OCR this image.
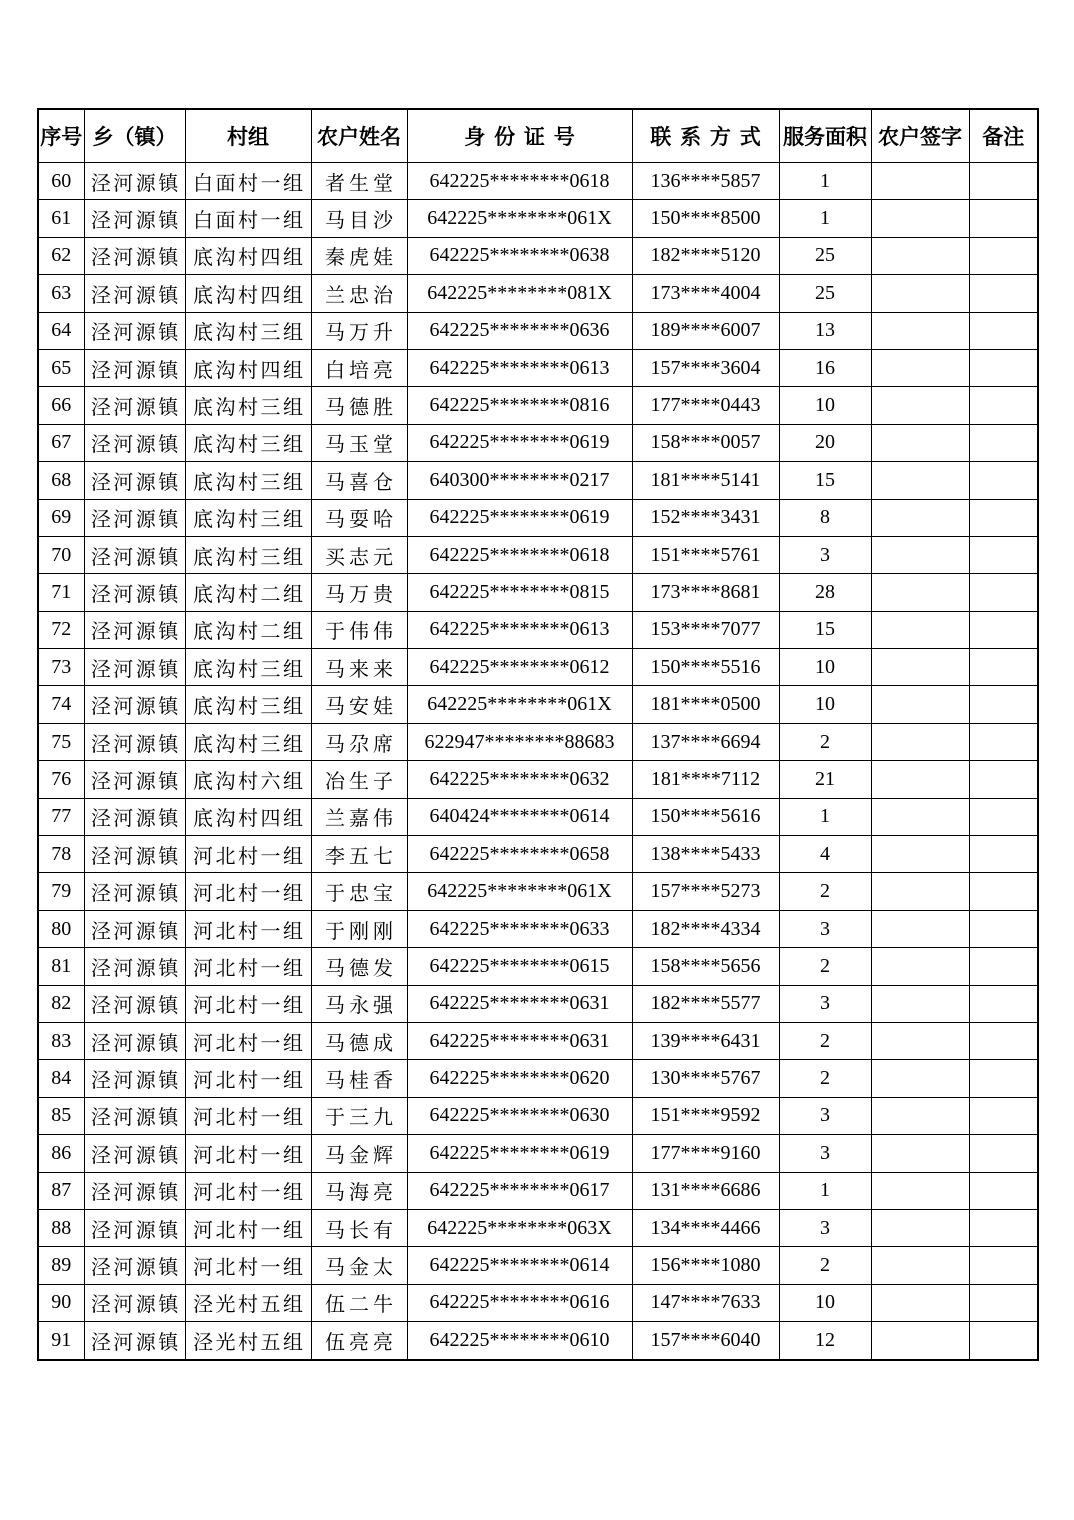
序号	乡（镇）	村组	农户姓名	身份证号	联系方式	服务面积	农户签字	备注
60	泾河源镇	白面村一组	者生堂	642225********0618	136****5857	1		
61	泾河源镇	白面村一组	马目沙	642225********061X	150****8500	1		
62	泾河源镇	底沟村四组	秦虎娃	642225********0638	182****5120	25		
63	泾河源镇	底沟村四组	兰忠治	642225********081X	173****4004	25		
64	泾河源镇	底沟村三组	马万升	642225********0636	189****6007	13		
65	泾河源镇	底沟村四组	白培亮	642225********0613	157****3604	16		
66	泾河源镇	底沟村三组	马德胜	642225********0816	177****0443	10		
67	泾河源镇	底沟村三组	马玉堂	642225********0619	158****0057	20		
68	泾河源镇	底沟村三组	马喜仓	640300********0217	181****5141	15		
69	泾河源镇	底沟村三组	马耍哈	642225********0619	152****3431	8		
70	泾河源镇	底沟村三组	买志元	642225********0618	151****5761	3		
71	泾河源镇	底沟村二组	马万贵	642225********0815	173****8681	28		
72	泾河源镇	底沟村二组	于伟伟	642225********0613	153****7077	15		
73	泾河源镇	底沟村三组	马来来	642225********0612	150****5516	10		
74	泾河源镇	底沟村三组	马安娃	642225********061X	181****0500	10		
75	泾河源镇	底沟村三组	马尕席	622947********88683	137****6694	2		
76	泾河源镇	底沟村六组	冶生子	642225********0632	181****7112	21		
77	泾河源镇	底沟村四组	兰嘉伟	640424********0614	150****5616	1		
78	泾河源镇	河北村一组	李五七	642225********0658	138****5433	4		
79	泾河源镇	河北村一组	于忠宝	642225********061X	157****5273	2		
80	泾河源镇	河北村一组	于刚刚	642225********0633	182****4334	3		
81	泾河源镇	河北村一组	马德发	642225********0615	158****5656	2		
82	泾河源镇	河北村一组	马永强	642225********0631	182****5577	3		
83	泾河源镇	河北村一组	马德成	642225********0631	139****6431	2		
84	泾河源镇	河北村一组	马桂香	642225********0620	130****5767	2		
85	泾河源镇	河北村一组	于三九	642225********0630	151****9592	3		
86	泾河源镇	河北村一组	马金辉	642225********0619	177****9160	3		
87	泾河源镇	河北村一组	马海亮	642225********0617	131****6686	1		
88	泾河源镇	河北村一组	马长有	642225********063X	134****4466	3		
89	泾河源镇	河北村一组	马金太	642225********0614	156****1080	2		
90	泾河源镇	泾光村五组	伍二牛	642225********0616	147****7633	10		
91	泾河源镇	泾光村五组	伍亮亮	642225********0610	157****6040	12		
